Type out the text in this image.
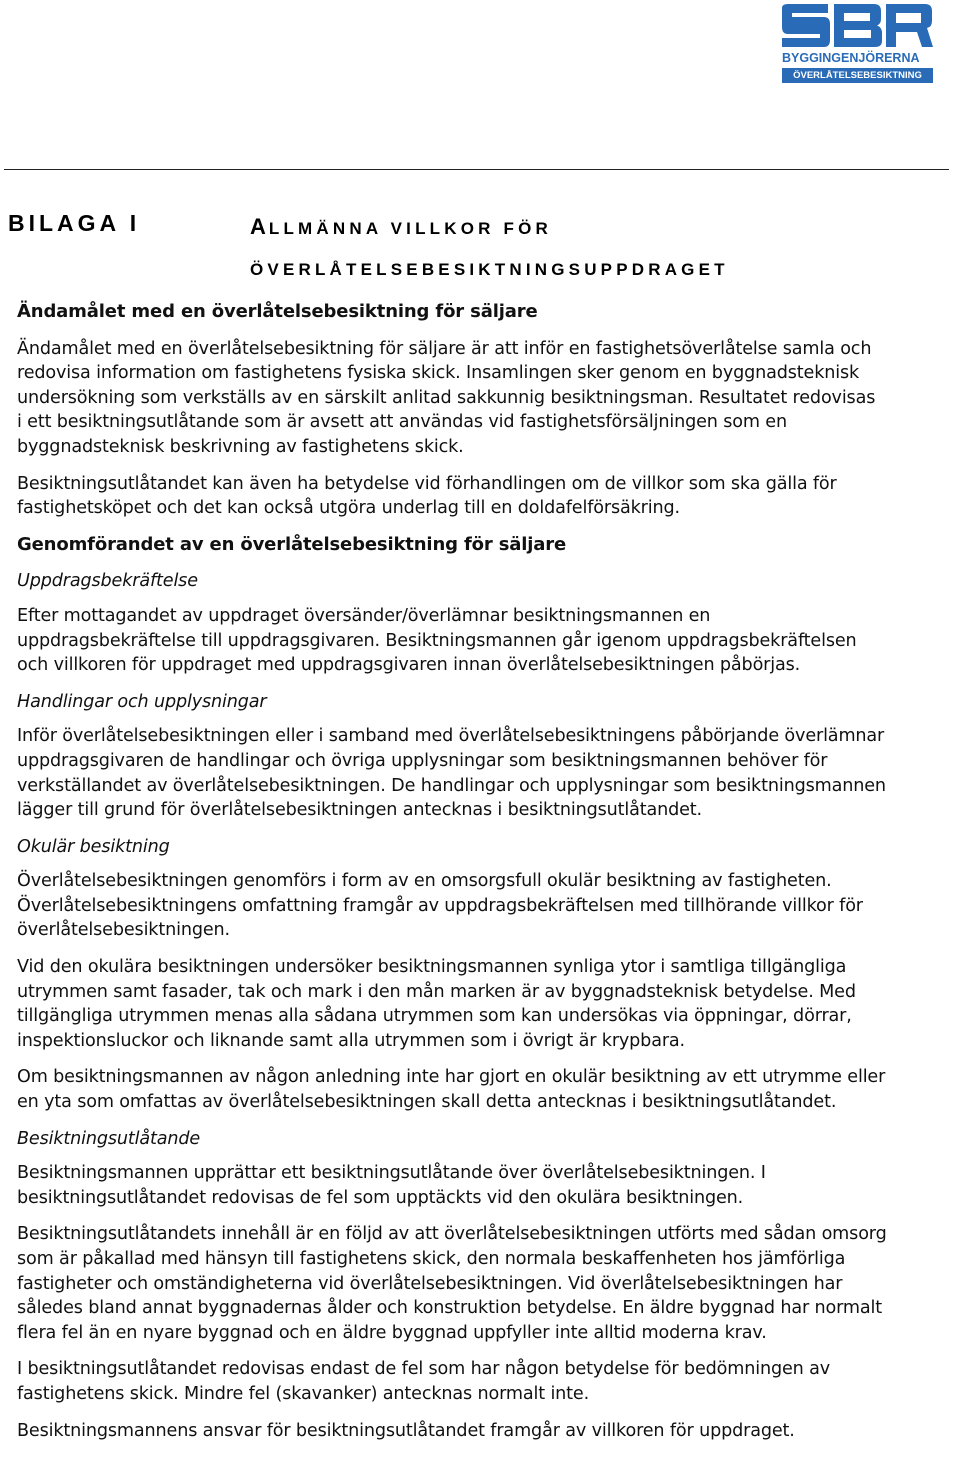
BYGGINGENJÖRERNA
ÖVERLÅTELSEBESIKTNING
BILAGA I	ALLMÄNNA VILLKOR FÖR
ÖVERLÅTELSEBESIKTNINGSUPPDRAGET

Ändamålet med en överlåtelsebesiktning för säljare

Ändamålet med en överlåtelsebesiktning för säljare är att inför en fastighetsöverlåtelse samla och

redovisa information om fastighetens fysiska skick. Insamlingen sker genom en byggnadsteknisk

undersökning som verkställs av en särskilt anlitad sakkunnig besiktningsman. Resultatet redovisas

i ett besiktningsutlåtande som är avsett att användas vid fastighetsförsäljningen som en

byggnadsteknisk beskrivning av fastighetens skick.

Besiktningsutlåtandet kan även ha betydelse vid förhandlingen om de villkor som ska gälla för

fastighetsköpet och det kan också utgöra underlag till en doldafelförsäkring.

Genomförandet av en överlåtelsebesiktning för säljare

Uppdragsbekräftelse

Efter mottagandet av uppdraget översänder/överlämnar besiktningsmannen en

uppdragsbekräftelse till uppdragsgivaren. Besiktningsmannen går igenom uppdragsbekräftelsen

och villkoren för uppdraget med uppdragsgivaren innan överlåtelsebesiktningen påbörjas.

Handlingar och upplysningar

Inför överlåtelsebesiktningen eller i samband med överlåtelsebesiktningens påbörjande överlämnar

uppdragsgivaren de handlingar och övriga upplysningar som besiktningsmannen behöver för

verkställandet av överlåtelsebesiktningen. De handlingar och upplysningar som besiktningsmannen

lägger till grund för överlåtelsebesiktningen antecknas i besiktningsutlåtandet.

Okulär besiktning

Överlåtelsebesiktningen genomförs i form av en omsorgsfull okulär besiktning av fastigheten.

Överlåtelsebesiktningens omfattning framgår av uppdragsbekräftelsen med tillhörande villkor för

överlåtelsebesiktningen.

Vid den okulära besiktningen undersöker besiktningsmannen synliga ytor i samtliga tillgängliga

utrymmen samt fasader, tak och mark i den mån marken är av byggnadsteknisk betydelse. Med

tillgängliga utrymmen menas alla sådana utrymmen som kan undersökas via öppningar, dörrar,

inspektionsluckor och liknande samt alla utrymmen som i övrigt är krypbara.

Om besiktningsmannen av någon anledning inte har gjort en okulär besiktning av ett utrymme eller

en yta som omfattas av överlåtelsebesiktningen skall detta antecknas i besiktningsutlåtandet.

Besiktningsutlåtande

Besiktningsmannen upprättar ett besiktningsutlåtande över överlåtelsebesiktningen. I

besiktningsutlåtandet redovisas de fel som upptäckts vid den okulära besiktningen.

Besiktningsutlåtandets innehåll är en följd av att överlåtelsebesiktningen utförts med sådan omsorg

som är påkallad med hänsyn till fastighetens skick, den normala beskaffenheten hos jämförliga

fastigheter och omständigheterna vid överlåtelsebesiktningen. Vid överlåtelsebesiktningen har

således bland annat byggnadernas ålder och konstruktion betydelse. En äldre byggnad har normalt

flera fel än en nyare byggnad och en äldre byggnad uppfyller inte alltid moderna krav.

I besiktningsutlåtandet redovisas endast de fel som har någon betydelse för bedömningen av

fastighetens skick. Mindre fel (skavanker) antecknas normalt inte.

Besiktningsmannens ansvar för besiktningsutlåtandet framgår av villkoren för uppdraget.
